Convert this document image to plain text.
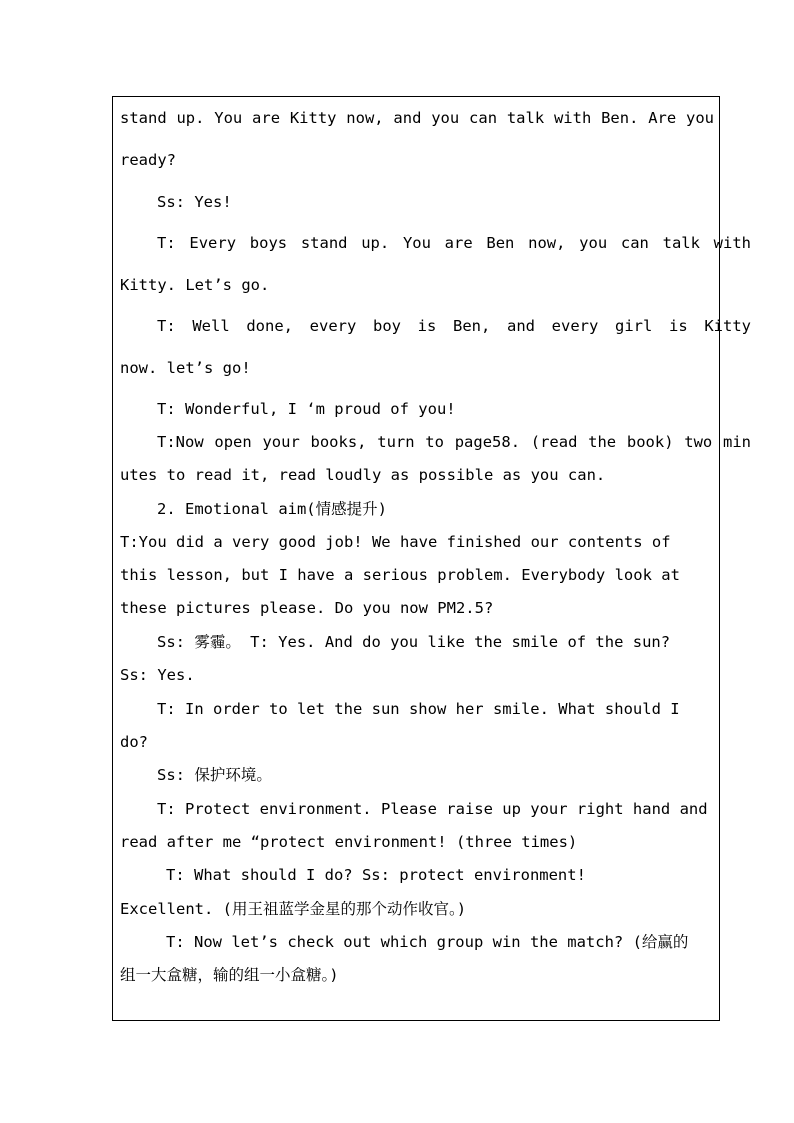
stand up. You are Kitty now, and you can talk with Ben. Are you
ready?
Ss: Yes!
T: Every boys stand up. You are Ben now, you can talk with
Kitty. Let’s go.
T: Well done, every boy is Ben, and every girl is Kitty
now. let’s go!
T: Wonderful, I ‘m proud of you!
T:Now open your books, turn to page58. (read the book) two min
utes to read it, read loudly as possible as you can.
2. Emotional aim(情感提升)
T:You did a very good job! We have finished our contents of
this lesson, but I have a serious problem. Everybody look at
these pictures please. Do you now PM2.5?
Ss: 雾霾。 T: Yes. And do you like the smile of the sun?
Ss: Yes.
T: In order to let the sun show her smile. What should I
do?
Ss: 保护环境。
T: Protect environment. Please raise up your right hand and
read after me “protect environment! (three times)
T: What should I do? Ss: protect environment!
Excellent. (用王祖蓝学金星的那个动作收官。)
T: Now let’s check out which group win the match? (给赢的
组一大盒糖，输的组一小盒糖。)
